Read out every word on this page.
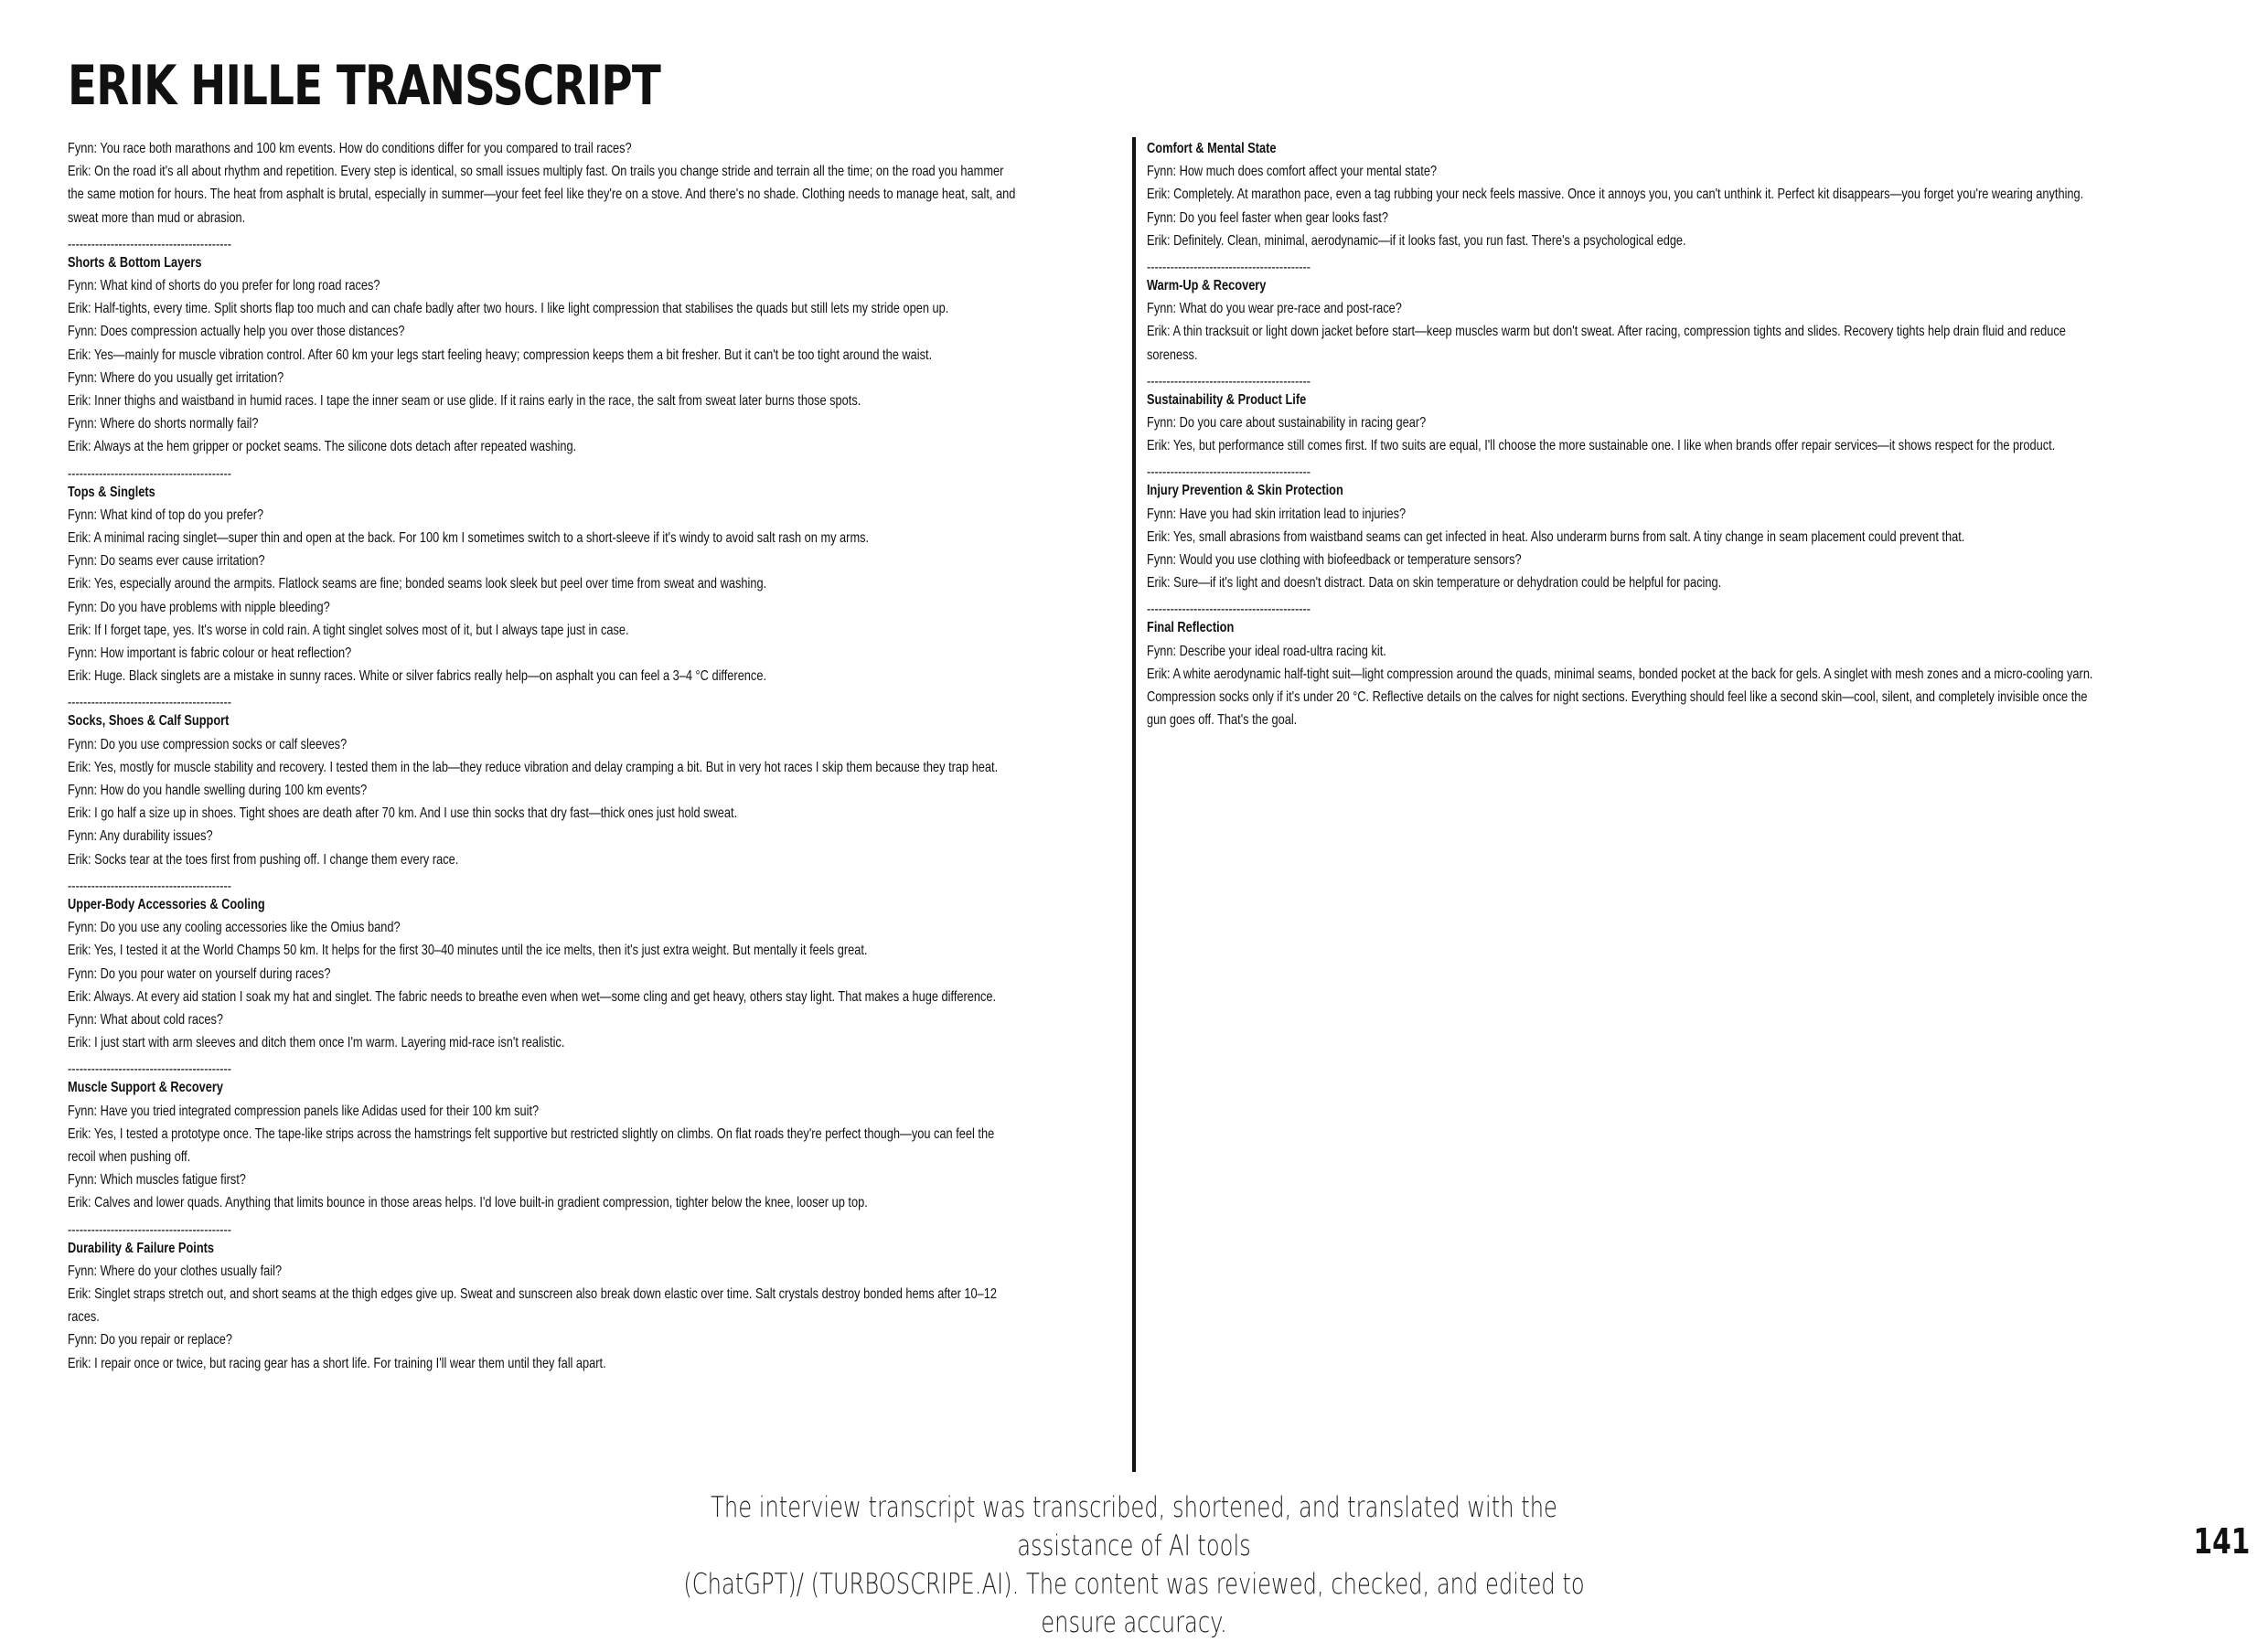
ERIK HILLE TRANSSCRIPT
Fynn: You race both marathons and 100 km events. How do conditions differ for you compared to trail races?
Erik: On the road it's all about rhythm and repetition. Every step is identical, so small issues multiply fast. On trails you change stride and terrain all the time; on the road you hammer
the same motion for hours. The heat from asphalt is brutal, especially in summer—your feet feel like they're on a stove. And there's no shade. Clothing needs to manage heat, salt, and
sweat more than mud or abrasion.
------------------------------------------
Shorts & Bottom Layers
Fynn: What kind of shorts do you prefer for long road races?
Erik: Half-tights, every time. Split shorts flap too much and can chafe badly after two hours. I like light compression that stabilises the quads but still lets my stride open up.
Fynn: Does compression actually help you over those distances?
Erik: Yes—mainly for muscle vibration control. After 60 km your legs start feeling heavy; compression keeps them a bit fresher. But it can't be too tight around the waist.
Fynn: Where do you usually get irritation?
Erik: Inner thighs and waistband in humid races. I tape the inner seam or use glide. If it rains early in the race, the salt from sweat later burns those spots.
Fynn: Where do shorts normally fail?
Erik: Always at the hem gripper or pocket seams. The silicone dots detach after repeated washing.
------------------------------------------
Tops & Singlets
Fynn: What kind of top do you prefer?
Erik: A minimal racing singlet—super thin and open at the back. For 100 km I sometimes switch to a short-sleeve if it's windy to avoid salt rash on my arms.
Fynn: Do seams ever cause irritation?
Erik: Yes, especially around the armpits. Flatlock seams are fine; bonded seams look sleek but peel over time from sweat and washing.
Fynn: Do you have problems with nipple bleeding?
Erik: If I forget tape, yes. It's worse in cold rain. A tight singlet solves most of it, but I always tape just in case.
Fynn: How important is fabric colour or heat reflection?
Erik: Huge. Black singlets are a mistake in sunny races. White or silver fabrics really help—on asphalt you can feel a 3–4 °C difference.
------------------------------------------
Socks, Shoes & Calf Support
Fynn: Do you use compression socks or calf sleeves?
Erik: Yes, mostly for muscle stability and recovery. I tested them in the lab—they reduce vibration and delay cramping a bit. But in very hot races I skip them because they trap heat.
Fynn: How do you handle swelling during 100 km events?
Erik: I go half a size up in shoes. Tight shoes are death after 70 km. And I use thin socks that dry fast—thick ones just hold sweat.
Fynn: Any durability issues?
Erik: Socks tear at the toes first from pushing off. I change them every race.
------------------------------------------
Upper-Body Accessories & Cooling
Fynn: Do you use any cooling accessories like the Omius band?
Erik: Yes, I tested it at the World Champs 50 km. It helps for the first 30–40 minutes until the ice melts, then it's just extra weight. But mentally it feels great.
Fynn: Do you pour water on yourself during races?
Erik: Always. At every aid station I soak my hat and singlet. The fabric needs to breathe even when wet—some cling and get heavy, others stay light. That makes a huge difference.
Fynn: What about cold races?
Erik: I just start with arm sleeves and ditch them once I'm warm. Layering mid-race isn't realistic.
------------------------------------------
Muscle Support & Recovery
Fynn: Have you tried integrated compression panels like Adidas used for their 100 km suit?
Erik: Yes, I tested a prototype once. The tape-like strips across the hamstrings felt supportive but restricted slightly on climbs. On flat roads they're perfect though—you can feel the
recoil when pushing off.
Fynn: Which muscles fatigue first?
Erik: Calves and lower quads. Anything that limits bounce in those areas helps. I'd love built-in gradient compression, tighter below the knee, looser up top.
------------------------------------------
Durability & Failure Points
Fynn: Where do your clothes usually fail?
Erik: Singlet straps stretch out, and short seams at the thigh edges give up. Sweat and sunscreen also break down elastic over time. Salt crystals destroy bonded hems after 10–12
races.
Fynn: Do you repair or replace?
Erik: I repair once or twice, but racing gear has a short life. For training I'll wear them until they fall apart.
Comfort & Mental State
Fynn: How much does comfort affect your mental state?
Erik: Completely. At marathon pace, even a tag rubbing your neck feels massive. Once it annoys you, you can't unthink it. Perfect kit disappears—you forget you're wearing anything.
Fynn: Do you feel faster when gear looks fast?
Erik: Definitely. Clean, minimal, aerodynamic—if it looks fast, you run fast. There's a psychological edge.
------------------------------------------
Warm-Up & Recovery
Fynn: What do you wear pre-race and post-race?
Erik: A thin tracksuit or light down jacket before start—keep muscles warm but don't sweat. After racing, compression tights and slides. Recovery tights help drain fluid and reduce
soreness.
------------------------------------------
Sustainability & Product Life
Fynn: Do you care about sustainability in racing gear?
Erik: Yes, but performance still comes first. If two suits are equal, I'll choose the more sustainable one. I like when brands offer repair services—it shows respect for the product.
------------------------------------------
Injury Prevention & Skin Protection
Fynn: Have you had skin irritation lead to injuries?
Erik: Yes, small abrasions from waistband seams can get infected in heat. Also underarm burns from salt. A tiny change in seam placement could prevent that.
Fynn: Would you use clothing with biofeedback or temperature sensors?
Erik: Sure—if it's light and doesn't distract. Data on skin temperature or dehydration could be helpful for pacing.
------------------------------------------
Final Reflection
Fynn: Describe your ideal road-ultra racing kit.
Erik: A white aerodynamic half-tight suit—light compression around the quads, minimal seams, bonded pocket at the back for gels. A singlet with mesh zones and a micro-cooling yarn.
Compression socks only if it's under 20 °C. Reflective details on the calves for night sections. Everything should feel like a second skin—cool, silent, and completely invisible once the
gun goes off. That's the goal.
The interview transcript was transcribed, shortened, and translated with the assistance of AI tools
(ChatGPT)/ (TURBOSCRIPE.AI). The content was reviewed, checked, and edited to ensure accuracy.
141
